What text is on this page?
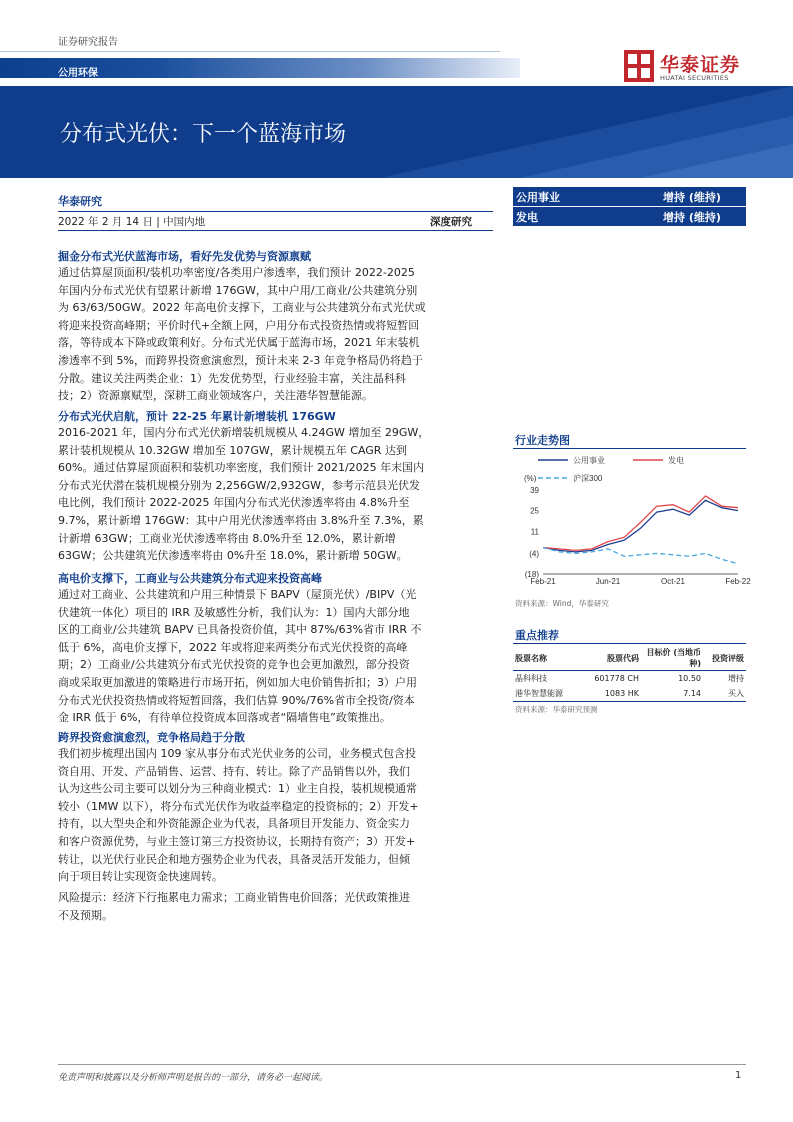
证券研究报告
公用环保	华泰证券
HUATAI SECURITIES
分布式光伏：下一个蓝海市场
华泰研究
2022 年 2 月 14 日 | 中国内地	深度研究
公用事业	增持 (维持)
发电	增持 (维持)
掘金分布式光伏蓝海市场，看好先发优势与资源禀赋
通过估算屋顶面积/装机功率密度/各类用户渗透率，我们预计 2022-2025
年国内分布式光伏有望累计新增 176GW，其中户用/工商业/公共建筑分别
为 63/63/50GW。2022 年高电价支撑下，工商业与公共建筑分布式光伏或
将迎来投资高峰期；平价时代+全额上网，户用分布式投资热情或将短暂回
落，等待成本下降或政策利好。分布式光伏属于蓝海市场，2021 年末装机
渗透率不到 5%，而跨界投资愈演愈烈，预计未来 2-3 年竞争格局仍将趋于
分散。建议关注两类企业：1）先发优势型，行业经验丰富，关注晶科科
技；2）资源禀赋型，深耕工商业领域客户，关注港华智慧能源。
分布式光伏启航，预计 22-25 年累计新增装机 176GW
2016-2021 年，国内分布式光伏新增装机规模从 4.24GW 增加至 29GW，
累计装机规模从 10.32GW 增加至 107GW，累计规模五年 CAGR 达到
60%。通过估算屋顶面积和装机功率密度，我们预计 2021/2025 年末国内
分布式光伏潜在装机规模分别为 2,256GW/2,932GW，参考示范县光伏发
电比例，我们预计 2022-2025 年国内分布式光伏渗透率将由 4.8%升至
9.7%，累计新增 176GW：其中户用光伏渗透率将由 3.8%升至 7.3%，累
计新增 63GW；工商业光伏渗透率将由 8.0%升至 12.0%，累计新增
63GW；公共建筑光伏渗透率将由 0%升至 18.0%，累计新增 50GW。
高电价支撑下，工商业与公共建筑分布式迎来投资高峰
通过对工商业、公共建筑和户用三种情景下 BAPV（屋顶光伏）/BIPV（光
伏建筑一体化）项目的 IRR 及敏感性分析，我们认为：1）国内大部分地
区的工商业/公共建筑 BAPV 已具备投资价值，其中 87%/63%省市 IRR 不
低于 6%，高电价支撑下，2022 年或将迎来两类分布式光伏投资的高峰
期；2）工商业/公共建筑分布式光伏投资的竞争也会更加激烈，部分投资
商或采取更加激进的策略进行市场开拓，例如加大电价销售折扣；3）户用
分布式光伏投资热情或将短暂回落，我们估算 90%/76%省市全投资/资本
金 IRR 低于 6%，有待单位投资成本回落或者“隔墙售电”政策推出。
跨界投资愈演愈烈，竞争格局趋于分散
我们初步梳理出国内 109 家从事分布式光伏业务的公司，业务模式包含投
资自用、开发、产品销售、运营、持有、转让。除了产品销售以外，我们
认为这些公司主要可以划分为三种商业模式：1）业主自投，装机规模通常
较小（1MW 以下），将分布式光伏作为收益率稳定的投资标的；2）开发+
持有，以大型央企和外资能源企业为代表，具备项目开发能力、资金实力
和客户资源优势，与业主签订第三方投资协议，长期持有资产；3）开发+
转让，以光伏行业民企和地方强势企业为代表，具备灵活开发能力，但倾
向于项目转让实现资金快速周转。
风险提示：经济下行拖累电力需求；工商业销售电价回落；光伏政策推进
不及预期。
行业走势图
(%)
39
25
11
(4)
(18)
Feb-21	Jun-21	Oct-21	Feb-22
公用事业	发电
沪深300
资料来源：Wind，华泰研究
重点推荐
股票名称	股票代码	目标价 (当地币种)	投资评级
晶科科技	601778 CH	10.50	增持
港华智慧能源	1083 HK	7.14	买入
资料来源：华泰研究预测
免责声明和披露以及分析师声明是报告的一部分，请务必一起阅读。	1
